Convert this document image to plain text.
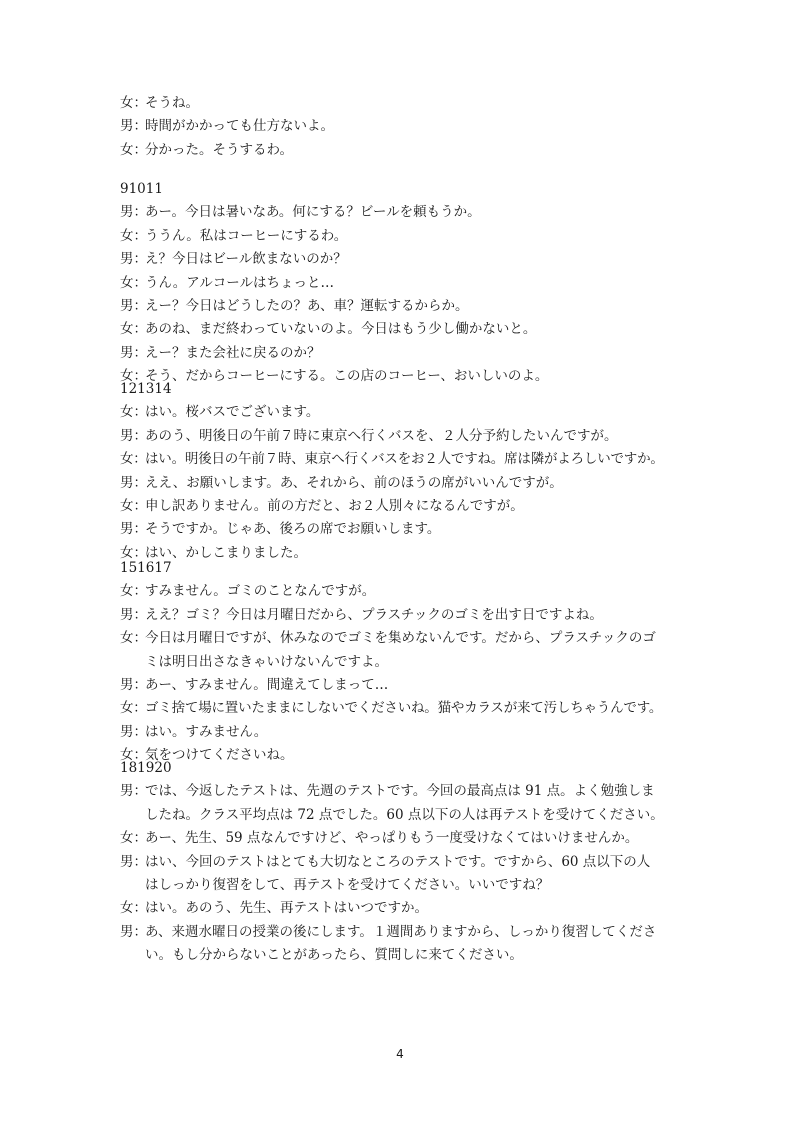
女：
そうね。
男：
時間がかかっても仕方ないよ。
女：
分かった。そうするわ。
91011
男：
あー。今日は暑いなあ。何にする？ビールを頼もうか。
女：
ううん。私はコーヒーにするわ。
男：
え？今日はビール飲まないのか？
女：
うん。アルコールはちょっと…
男：
えー？今日はどうしたの？あ、車？運転するからか。
女：
あのね、まだ終わっていないのよ。今日はもう少し働かないと。
男：
えー？また会社に戻るのか？
女：
そう、だからコーヒーにする。この店のコーヒー、おいしいのよ。
121314
女：
はい。桜バスでございます。
男：
あのう、明後日の午前７時に東京へ行くバスを、２人分予約したいんですが。
女：
はい。明後日の午前７時、東京へ行くバスをお２人ですね。席は隣がよろしいですか。
男：
ええ、お願いします。あ、それから、前のほうの席がいいんですが。
女：
申し訳ありません。前の方だと、お２人別々になるんですが。
男：
そうですか。じゃあ、後ろの席でお願いします。
女：
はい、かしこまりました。
151617
女：
すみません。ゴミのことなんですが。
男：
ええ？ゴミ？今日は月曜日だから、プラスチックのゴミを出す日ですよね。
女：
今日は月曜日ですが、休みなのでゴミを集めないんです。だから、プラスチックのゴ
ミは明日出さなきゃいけないんですよ。
男：
あー、すみません。間違えてしまって…
女：
ゴミ捨て場に置いたままにしないでくださいね。猫やカラスが来て汚しちゃうんです。
男：
はい。すみません。
女：
気をつけてくださいね。
181920
男：
では、今返したテストは、先週のテストです。今回の最高点は 91 点。よく勉強しま
したね。クラス平均点は 72 点でした。60 点以下の人は再テストを受けてください。
女：
あー、先生、59 点なんですけど、やっぱりもう一度受けなくてはいけませんか。
男：
はい、今回のテストはとても大切なところのテストです。ですから、60 点以下の人
はしっかり復習をして、再テストを受けてください。いいですね？
女：
はい。あのう、先生、再テストはいつですか。
男：
あ、来週水曜日の授業の後にします。１週間ありますから、しっかり復習してくださ
い。もし分からないことがあったら、質問しに来てください。
4
